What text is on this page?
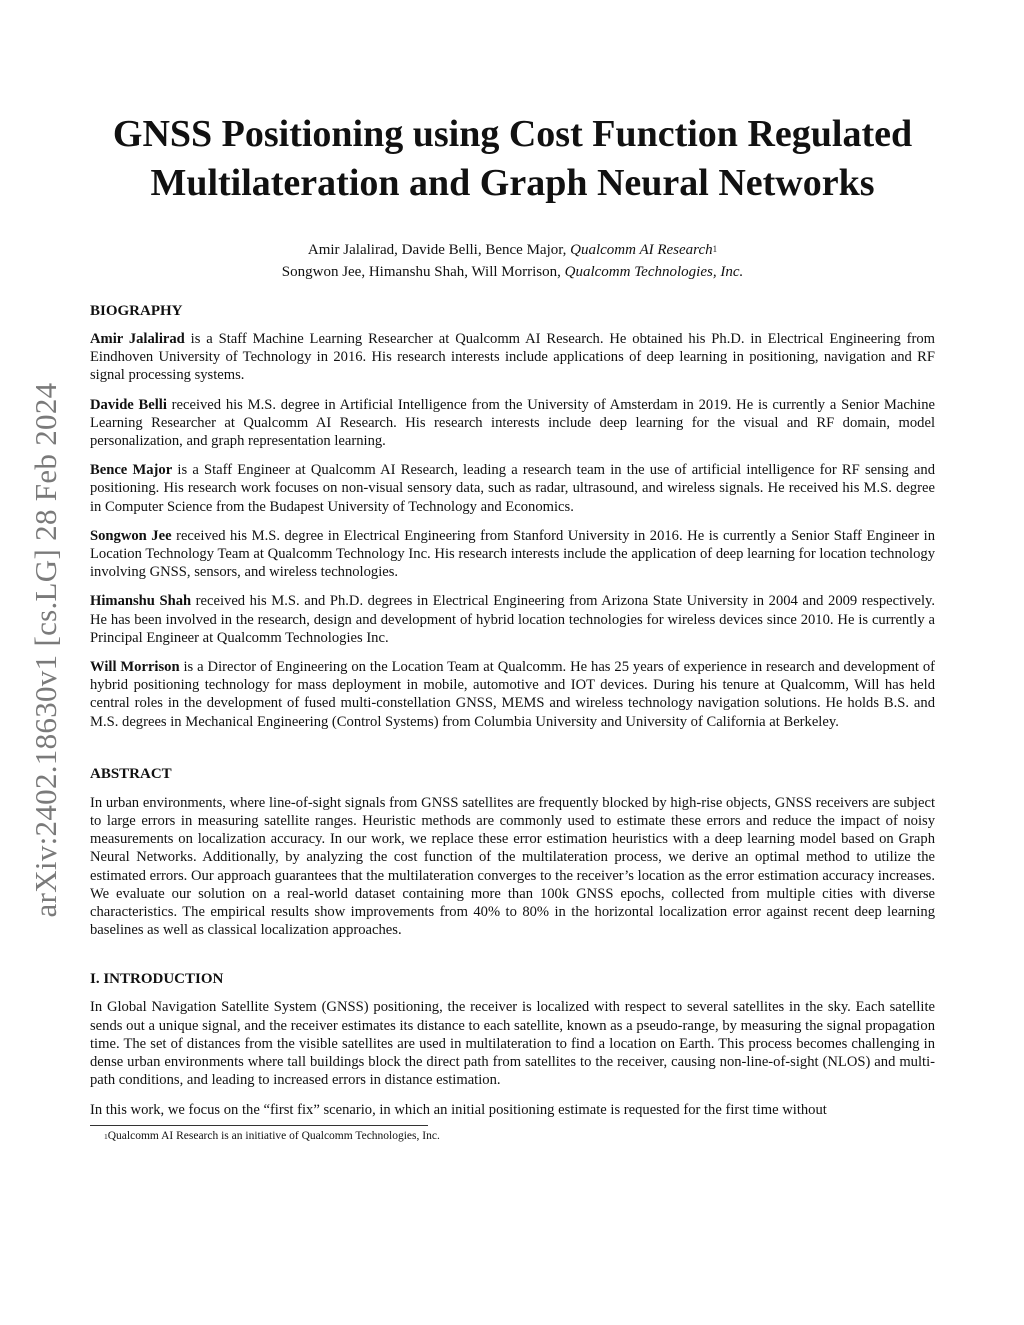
arXiv:2402.18630v1 [cs.LG] 28 Feb 2024
GNSS Positioning using Cost Function Regulated
Multilateration and Graph Neural Networks
Amir Jalalirad, Davide Belli, Bence Major, Qualcomm AI Research$^1$
Songwon Jee, Himanshu Shah, Will Morrison, Qualcomm Technologies, Inc.
BIOGRAPHY

Amir Jalalirad is a Staff Machine Learning Researcher at Qualcomm AI Research. He obtained his Ph.D. in Electrical Engineering from Eindhoven University of Technology in 2016. His research interests include applications of deep learning in positioning, navigation and RF signal processing systems.

Davide Belli received his M.S. degree in Artificial Intelligence from the University of Amsterdam in 2019. He is currently a Senior Machine Learning Researcher at Qualcomm AI Research. His research interests include deep learning for the visual and RF domain, model personalization, and graph representation learning.

Bence Major is a Staff Engineer at Qualcomm AI Research, leading a research team in the use of artificial intelligence for RF sensing and positioning. His research work focuses on non-visual sensory data, such as radar, ultrasound, and wireless signals. He received his M.S. degree in Computer Science from the Budapest University of Technology and Economics.

Songwon Jee received his M.S. degree in Electrical Engineering from Stanford University in 2016. He is currently a Senior Staff Engineer in Location Technology Team at Qualcomm Technology Inc. His research interests include the application of deep learning for location technology involving GNSS, sensors, and wireless technologies.

Himanshu Shah received his M.S. and Ph.D. degrees in Electrical Engineering from Arizona State University in 2004 and 2009 respectively. He has been involved in the research, design and development of hybrid location technologies for wireless devices since 2010. He is currently a Principal Engineer at Qualcomm Technologies Inc.

Will Morrison is a Director of Engineering on the Location Team at Qualcomm. He has 25 years of experience in research and development of hybrid positioning technology for mass deployment in mobile, automotive and IOT devices. During his tenure at Qualcomm, Will has held central roles in the development of fused multi-constellation GNSS, MEMS and wireless technology navigation solutions. He holds B.S. and M.S. degrees in Mechanical Engineering (Control Systems) from Columbia University and University of California at Berkeley.

ABSTRACT

In urban environments, where line-of-sight signals from GNSS satellites are frequently blocked by high-rise objects, GNSS receivers are subject to large errors in measuring satellite ranges. Heuristic methods are commonly used to estimate these errors and reduce the impact of noisy measurements on localization accuracy. In our work, we replace these error estimation heuristics with a deep learning model based on Graph Neural Networks. Additionally, by analyzing the cost function of the multilateration process, we derive an optimal method to utilize the estimated errors. Our approach guarantees that the multilateration converges to the receiver’s location as the error estimation accuracy increases. We evaluate our solution on a real-world dataset containing more than 100k GNSS epochs, collected from multiple cities with diverse characteristics. The empirical results show improvements from 40% to 80% in the horizontal localization error against recent deep learning baselines as well as classical localization approaches.

I. INTRODUCTION

In Global Navigation Satellite System (GNSS) positioning, the receiver is localized with respect to several satellites in the sky. Each satellite sends out a unique signal, and the receiver estimates its distance to each satellite, known as a pseudo-range, by measuring the signal propagation time. The set of distances from the visible satellites are used in multilateration to find a location on Earth. This process becomes challenging in dense urban environments where tall buildings block the direct path from satellites to the receiver, causing non-line-of-sight (NLOS) and multi-path conditions, and leading to increased errors in distance estimation.

In this work, we focus on the “first fix” scenario, in which an initial positioning estimate is requested for the first time without

$^1$Qualcomm AI Research is an initiative of Qualcomm Technologies, Inc.
